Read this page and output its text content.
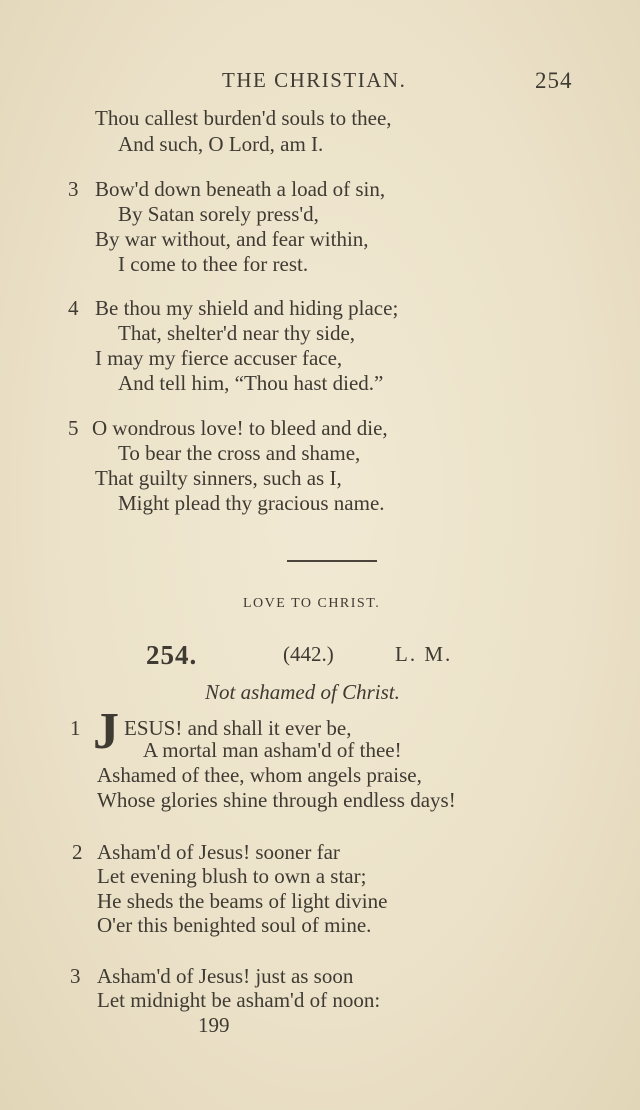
THE CHRISTIAN.	254
Thou callest burden'd souls to thee,
And such, O Lord, am I.
3 Bow'd down beneath a load of sin,
By Satan sorely press'd,
By war without, and fear within,
I come to thee for rest.
4 Be thou my shield and hiding place;
That, shelter'd near thy side,
I may my fierce accuser face,
And tell him, “Thou hast died.”
5 O wondrous love! to bleed and die,
To bear the cross and shame,
That guilty sinners, such as I,
Might plead thy gracious name.
LOVE TO CHRIST.
254.	(442.)	L. M.
Not ashamed of Christ.
1 J ESUS! and shall it ever be,
A mortal man asham'd of thee!
Ashamed of thee, whom angels praise,
Whose glories shine through endless days!
2 Asham'd of Jesus! sooner far
Let evening blush to own a star;
He sheds the beams of light divine
O'er this benighted soul of mine.
3 Asham'd of Jesus! just as soon
Let midnight be asham'd of noon:
199
